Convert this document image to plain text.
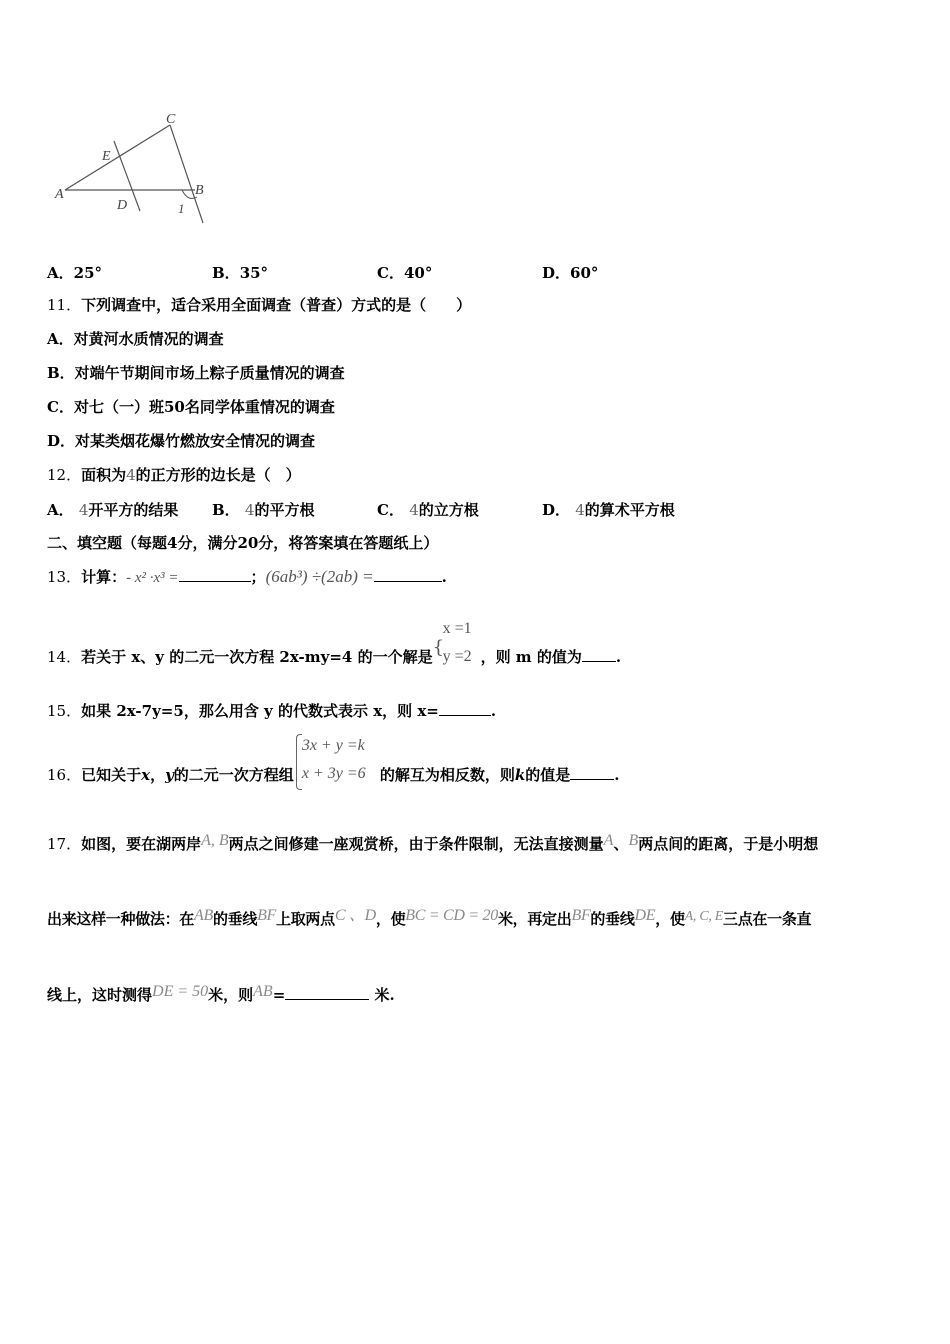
A
C
B
E
D	1
A．25°	B．35°	C．40°	D．60°
11．下列调查中，适合采用全面调查（普查）方式的是（　　）
A．对黄河水质情况的调查
B．对端午节期间市场上粽子质量情况的调查
C．对七（一）班50名同学体重情况的调查
D．对某类烟花爆竹燃放安全情况的调查
12．面积为4的正方形的边长是（　）
A． 4开平方的结果 B． 4的平方根	C． 4的立方根	D． 4的算术平方根
二、填空题（每题4分，满分20分，将答案填在答题纸上）
13．计算：- x² ·x³ =	；(6ab³) ÷(2ab) =	.
14．若关于 x、y 的二元一次方程 2x-my=4 的一个解是 {
x =1
y =2 ，则 m 的值为 .
15．如果 2x-7y=5，那么用含 y 的代数式表示 x，则 x=	.
16．已知关于x，y的二元一次方程组
3x + y =k
x + 3y =6 的解互为相反数，则k的值是	.
17．如图，要在湖两岸A, B两点之间修建一座观赏桥，由于条件限制，无法直接测量A、B两点间的距离，于是小明想
出来这样一种做法：在AB的垂线BF上取两点C 、D，使BC = CD = 20米，再定出BF的垂线DE，使A, C, E三点在一条直
线上，这时测得DE = 50米，则AB=	米.
